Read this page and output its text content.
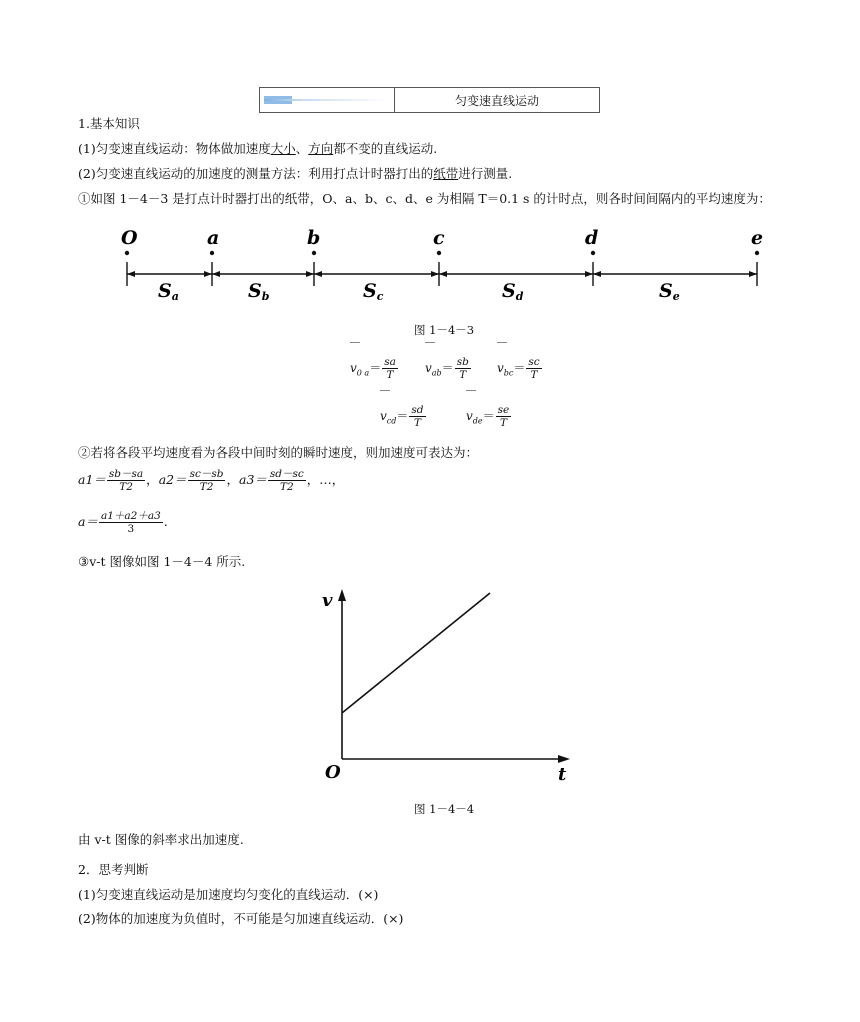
匀变速直线运动
1.基本知识
(1)匀变速直线运动：物体做加速度大小、方向都不变的直线运动.
(2)匀变速直线运动的加速度的测量方法：利用打点计时器打出的纸带进行测量.
①如图 1－4－3 是打点计时器打出的纸带，O、a、b、c、d、e 为相隔 T＝0.1 s 的计时点，则各时间间隔内的平均速度为：
O	a	b	c	d	e
Sa	Sb	Sc	Sd	Se
图 1－4－3
$v_{0 a}= \frac{sa}{T} v_{ab}= \frac{sb}{T} v_{bc}= \frac{sc}{T}$
$v_{cd}= \frac{sd}{T}$	$v_{de}= \frac{se}{T}$
②若将各段平均速度看为各段中间时刻的瞬时速度，则加速度可表达为：
$a1= \frac{sb-sa}{T2}$ ，$a2= \frac{sc-sb}{T2}$ ，$a3= \frac{sd-sc}{T2}$ ，…，
$a= \frac{a1+a2+a3}{3}$ .
③v-t 图像如图 1－4－4 所示.
v
t
O
图 1－4－4
由 v-t 图像的斜率求出加速度.
2．思考判断
(1)匀变速直线运动是加速度均匀变化的直线运动．(×)
(2)物体的加速度为负值时，不可能是匀加速直线运动．(×)
